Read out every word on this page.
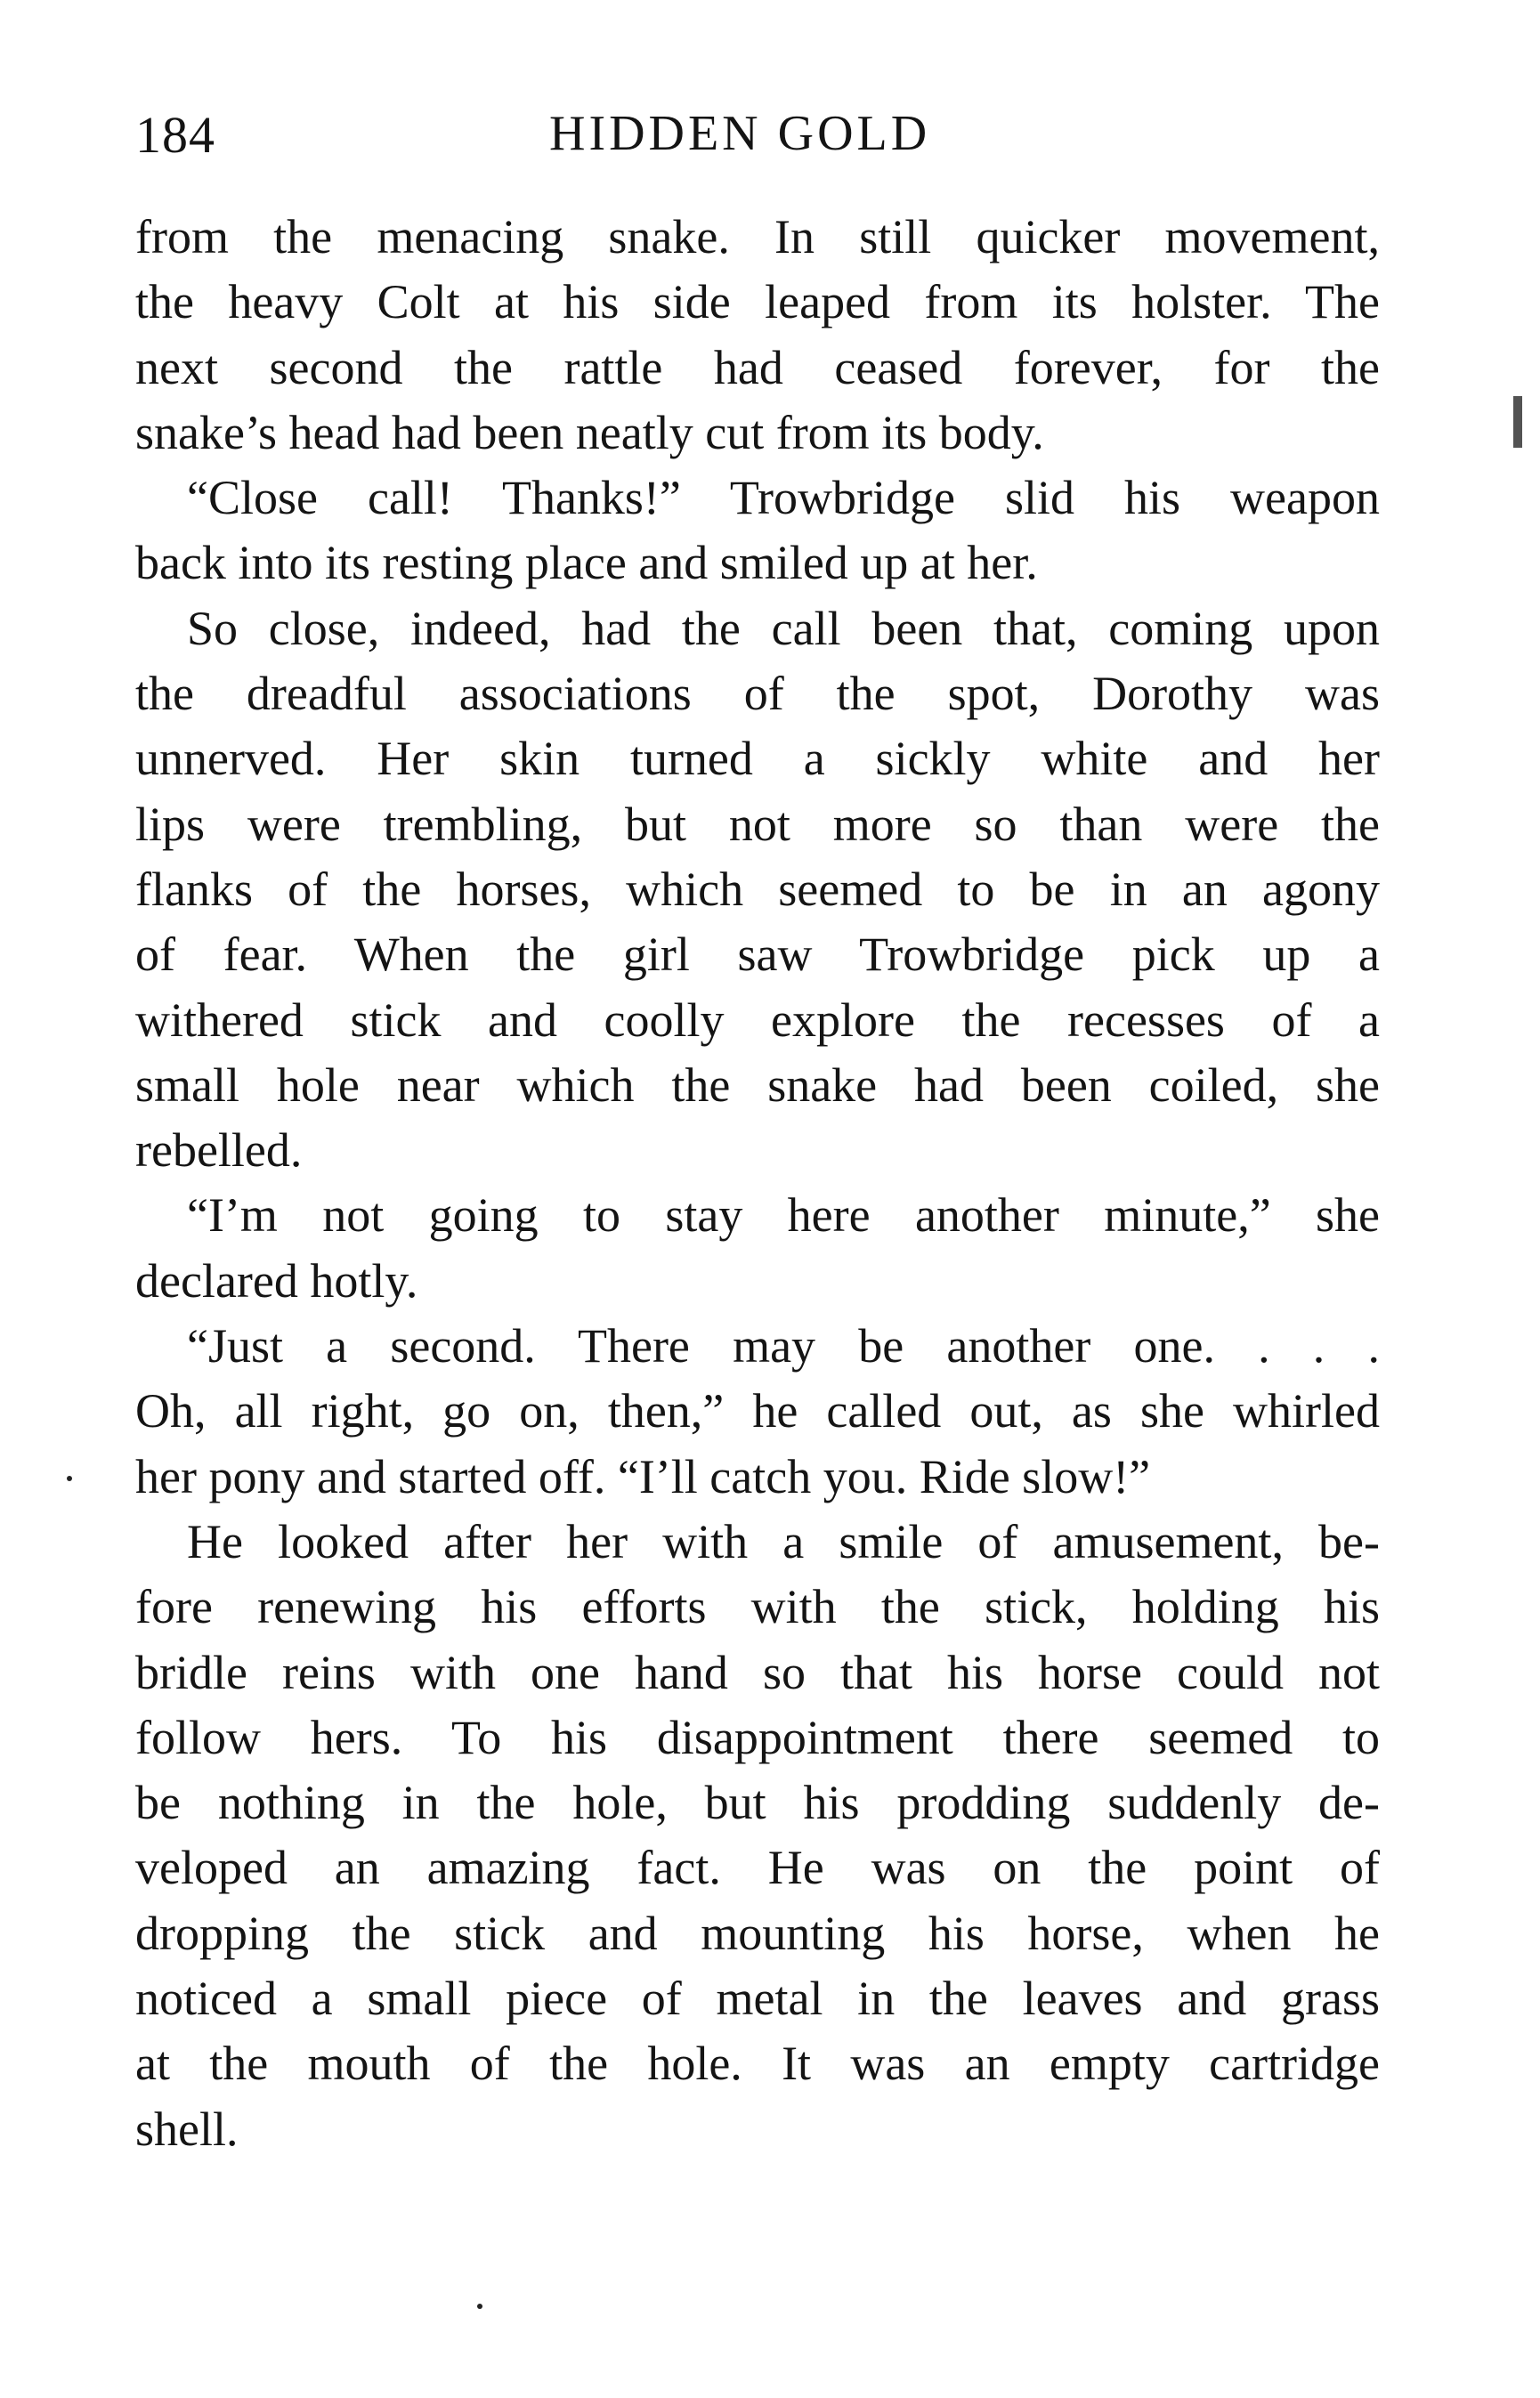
184	HIDDEN GOLD

from the menacing snake. In still quicker movement,
the heavy Colt at his side leaped from its holster. The
next second the rattle had ceased forever, for the
snake’s head had been neatly cut from its body.

“Close call! Thanks!” Trowbridge slid his weapon
back into its resting place and smiled up at her.

So close, indeed, had the call been that, coming upon
the dreadful associations of the spot, Dorothy was
unnerved. Her skin turned a sickly white and her
lips were trembling, but not more so than were the
flanks of the horses, which seemed to be in an agony
of fear. When the girl saw Trowbridge pick up a
withered stick and coolly explore the recesses of a
small hole near which the snake had been coiled, she
rebelled.

“I’m not going to stay here another minute,” she
declared hotly.

“Just a second. There may be another one. . . .
Oh, all right, go on, then,” he called out, as she whirled
her pony and started off. “I’ll catch you. Ride slow!”

He looked after her with a smile of amusement, be-
fore renewing his efforts with the stick, holding his
bridle reins with one hand so that his horse could not
follow hers. To his disappointment there seemed to
be nothing in the hole, but his prodding suddenly de-
veloped an amazing fact. He was on the point of
dropping the stick and mounting his horse, when he
noticed a small piece of metal in the leaves and grass
at the mouth of the hole. It was an empty cartridge
shell.
